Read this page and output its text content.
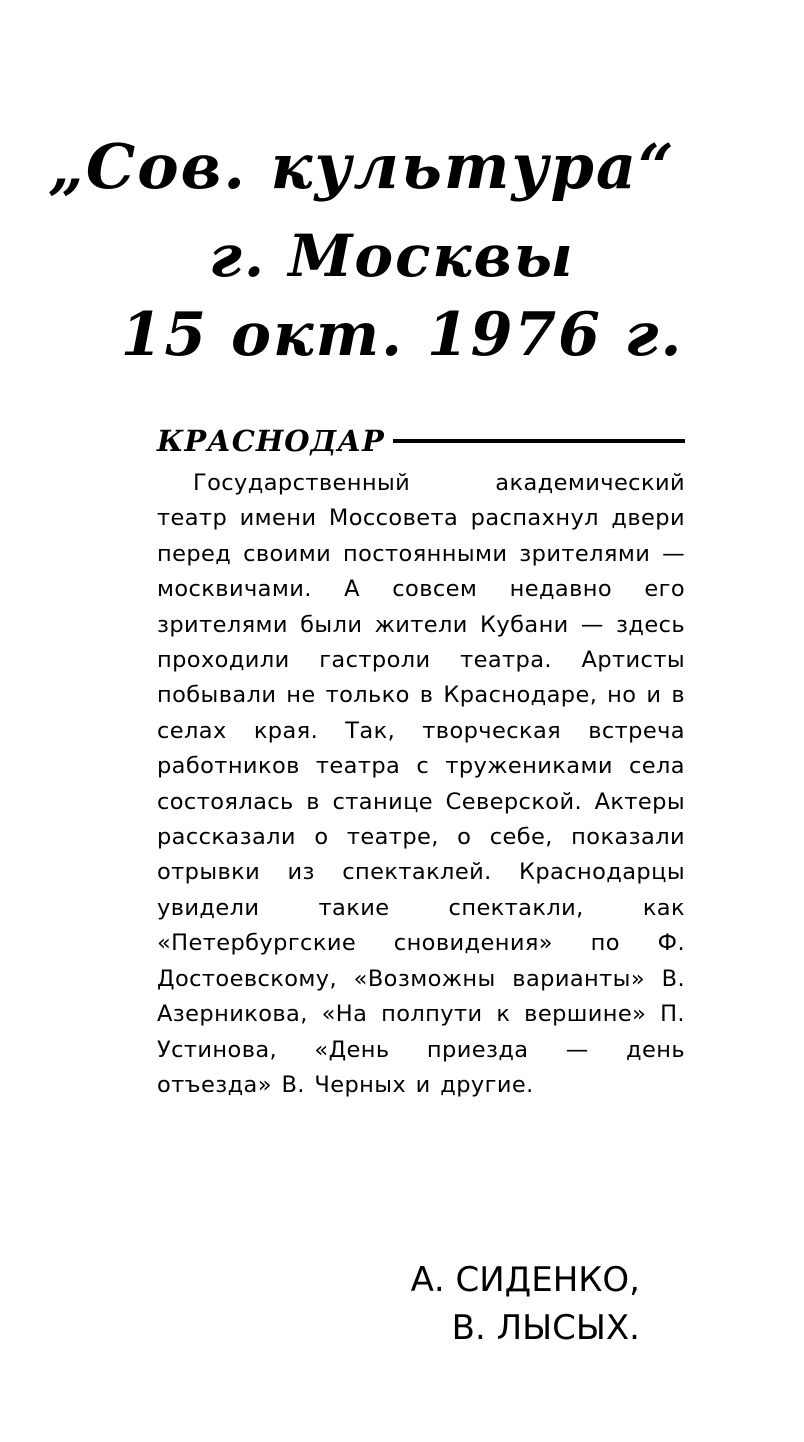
„Сов. культура“
г. Москвы
15 окт. 1976 г.
КРАСНОДАР

Государственный академический театр имени Моссовета распахнул двери перед своими постоянными зрителями — москвичами. А совсем недавно его зрителями были жители Кубани — здесь проходили гастроли театра. Артисты побывали не только в Краснодаре, но и в селах края. Так, творческая встреча работников театра с тружениками села состоялась в станице Северской. Актеры рассказали о театре, о себе, показали отрывки из спектаклей. Краснодарцы увидели такие спектакли, как «Петербургские сновидения» по Ф. Достоевскому, «Возможны варианты» В. Азерникова, «На полпути к вершине» П. Устинова, «День приезда — день отъезда» В. Черных и другие.

А. СИДЕНКО,
В. ЛЫСЫХ.
